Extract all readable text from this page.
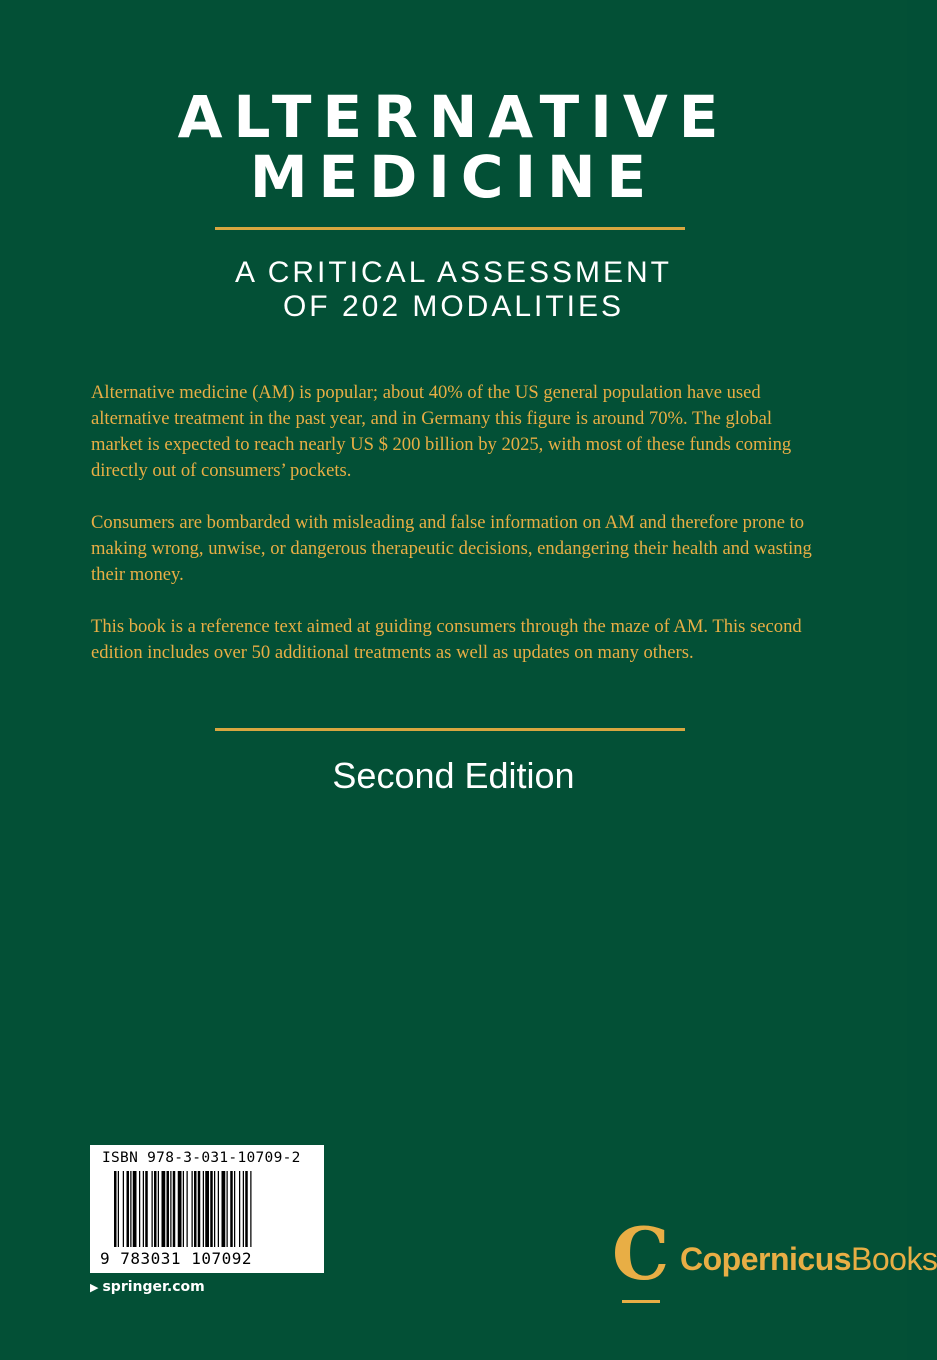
ALTERNATIVE
MEDICINE
A CRITICAL ASSESSMENT
OF 202 MODALITIES

Alternative medicine (AM) is popular; about 40% of the US general population have used alternative treatment in the past year, and in Germany this figure is around 70%. The global market is expected to reach nearly US $ 200 billion by 2025, with most of these funds coming directly out of consumers’ pockets.

Consumers are bombarded with misleading and false information on AM and therefore prone to making wrong, unwise, or dangerous therapeutic decisions, endangering their health and wasting their money.

This book is a reference text aimed at guiding consumers through the maze of AM. This second edition includes over 50 additional treatments as well as updates on many others.

Second Edition
ISBN 978-3-031-10709-2
9 783031 107092
▶ springer.com	C CopernicusBooks
